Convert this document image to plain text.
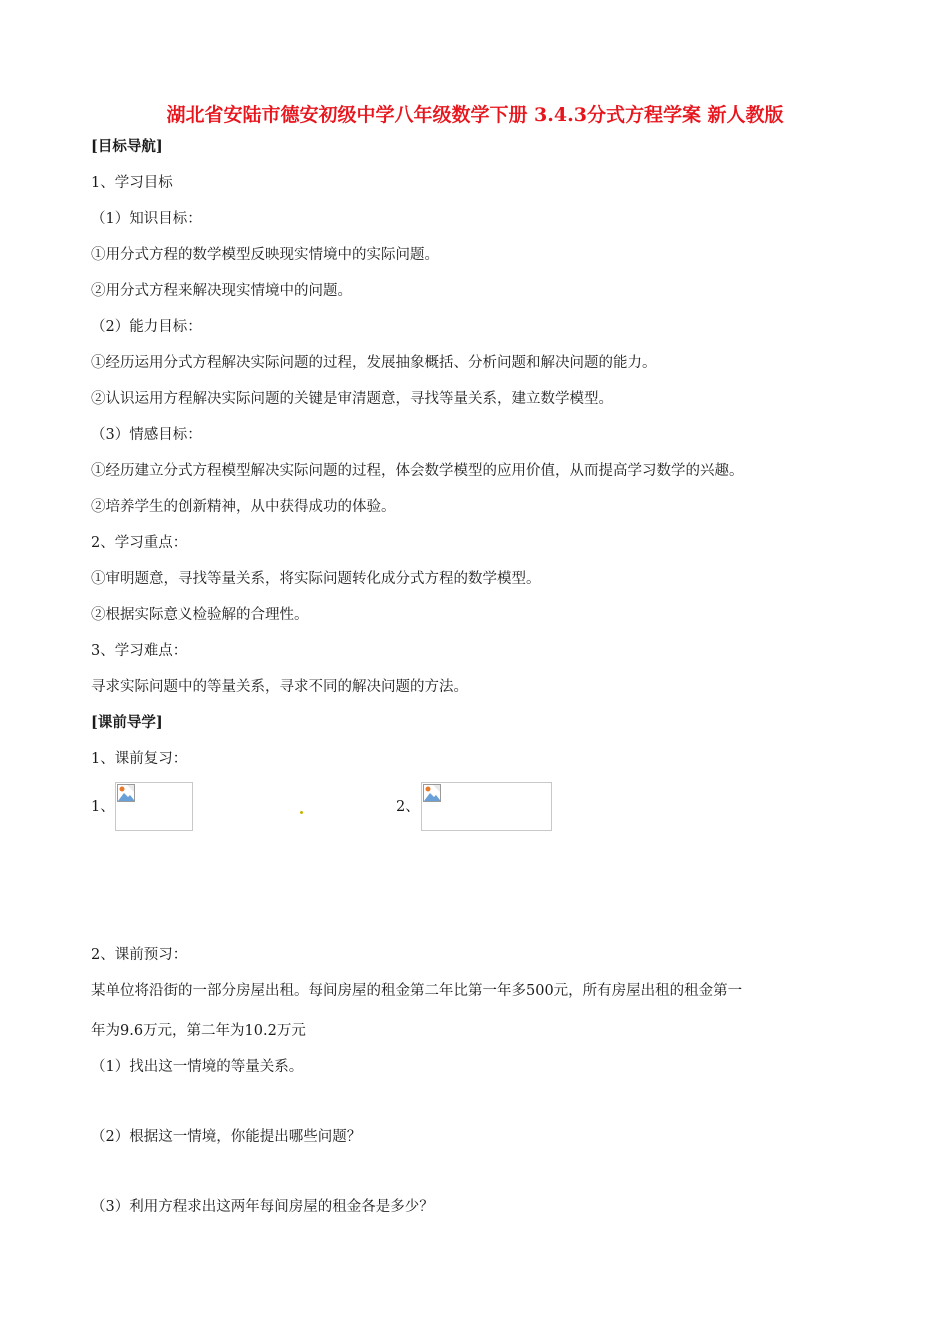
湖北省安陆市德安初级中学八年级数学下册 3.4.3分式方程学案 新人教版
[目标导航]
1、学习目标
（1）知识目标：
①用分式方程的数学模型反映现实情境中的实际问题。
②用分式方程来解决现实情境中的问题。
（2）能力目标：
①经历运用分式方程解决实际问题的过程，发展抽象概括、分析问题和解决问题的能力。
②认识运用方程解决实际问题的关键是审清题意，寻找等量关系，建立数学模型。
（3）情感目标：
①经历建立分式方程模型解决实际问题的过程，体会数学模型的应用价值，从而提高学习数学的兴趣。
②培养学生的创新精神，从中获得成功的体验。
2、学习重点：
①审明题意，寻找等量关系，将实际问题转化成分式方程的数学模型。
②根据实际意义检验解的合理性。
3、学习难点：
寻求实际问题中的等量关系，寻求不同的解决问题的方法。
[课前导学]
1、课前复习：
1、	2、
2、课前预习：
某单位将沿街的一部分房屋出租。每间房屋的租金第二年比第一年多500元，所有房屋出租的租金第一
年为9.6万元，第二年为10.2万元
（1）找出这一情境的等量关系。
（2）根据这一情境，你能提出哪些问题？
（3）利用方程求出这两年每间房屋的租金各是多少？
